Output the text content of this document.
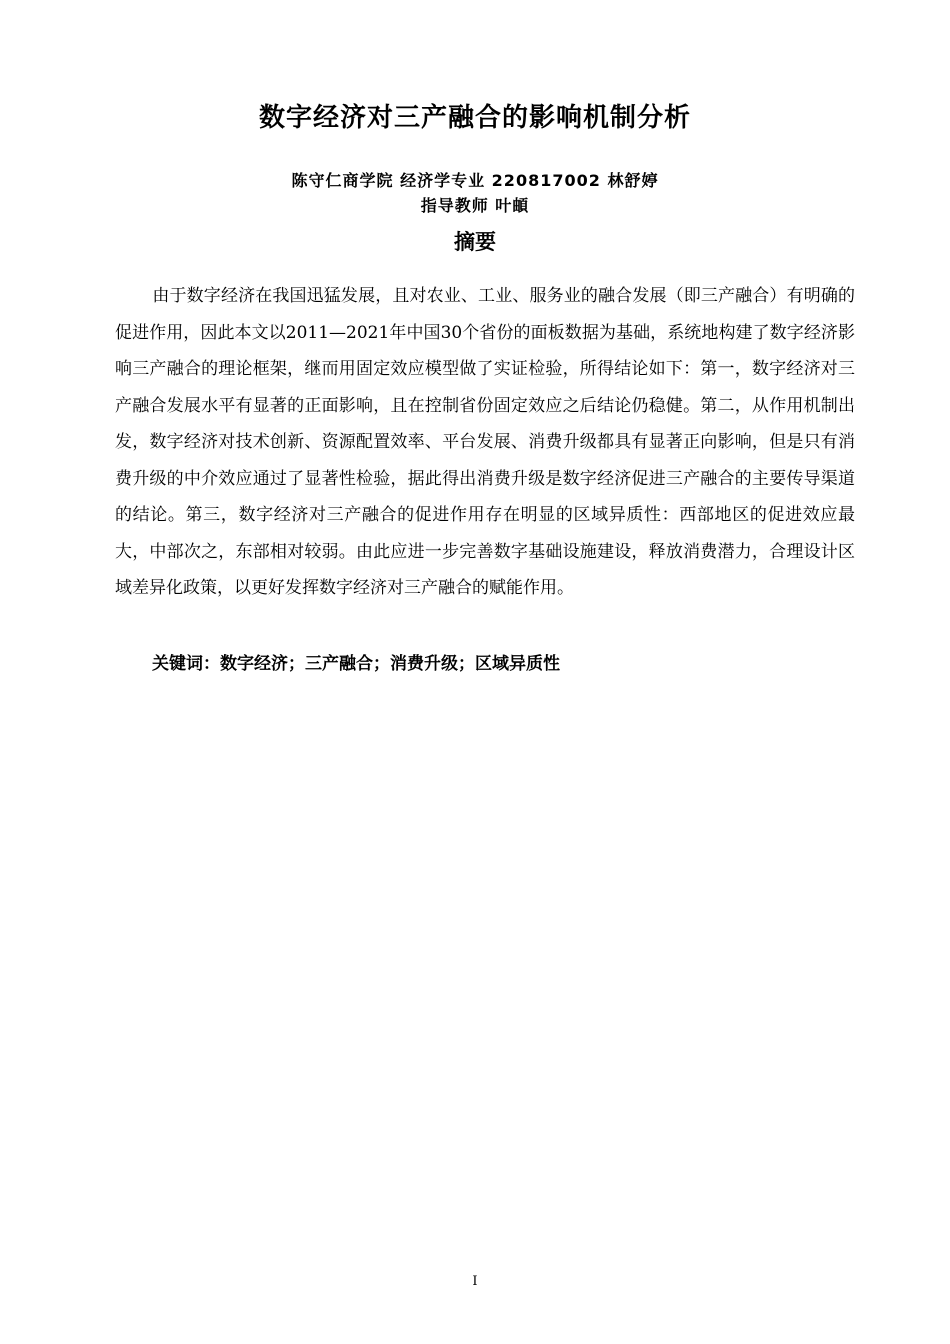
数字经济对三产融合的影响机制分析
陈守仁商学院 经济学专业 220817002 林舒婷
指导教师 叶頔
摘要

由于数字经济在我国迅猛发展，且对农业、工业、服务业的融合发展（即三产融合）有明确的促进作用，因此本文以2011—2021年中国30个省份的面板数据为基础，系统地构建了数字经济影响三产融合的理论框架，继而用固定效应模型做了实证检验，所得结论如下：第一，数字经济对三产融合发展水平有显著的正面影响，且在控制省份固定效应之后结论仍稳健。第二，从作用机制出发，数字经济对技术创新、资源配置效率、平台发展、消费升级都具有显著正向影响，但是只有消费升级的中介效应通过了显著性检验，据此得出消费升级是数字经济促进三产融合的主要传导渠道的结论。第三，数字经济对三产融合的促进作用存在明显的区域异质性：西部地区的促进效应最大，中部次之，东部相对较弱。由此应进一步完善数字基础设施建设，释放消费潜力，合理设计区域差异化政策，以更好发挥数字经济对三产融合的赋能作用。

关键词：数字经济；三产融合；消费升级；区域异质性
I
